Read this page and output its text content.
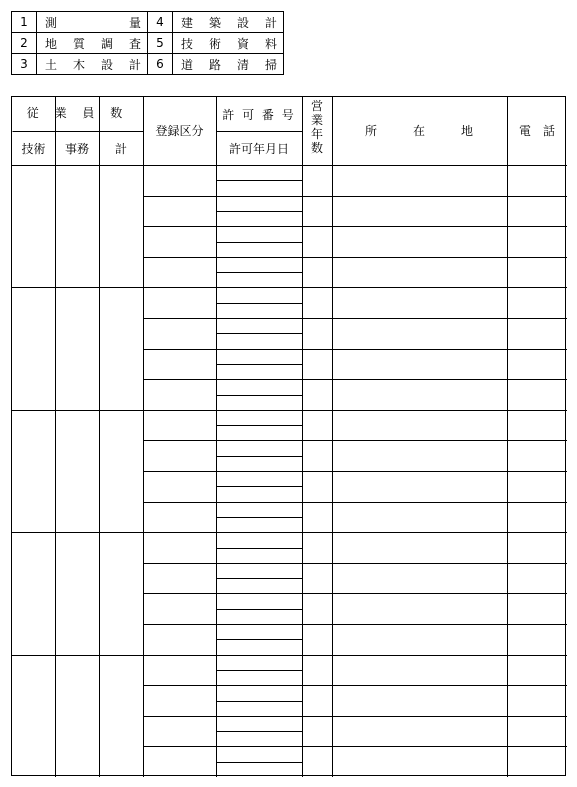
1	測　量	4	建築設計
2	地質調査	5	技術資料
3	土木設計	6	道路清掃
従 業 員 数
技術	事務	計
登録区分
許 可 番 号
許可年月日
営業年数
所　　　在　　　地	電　話
